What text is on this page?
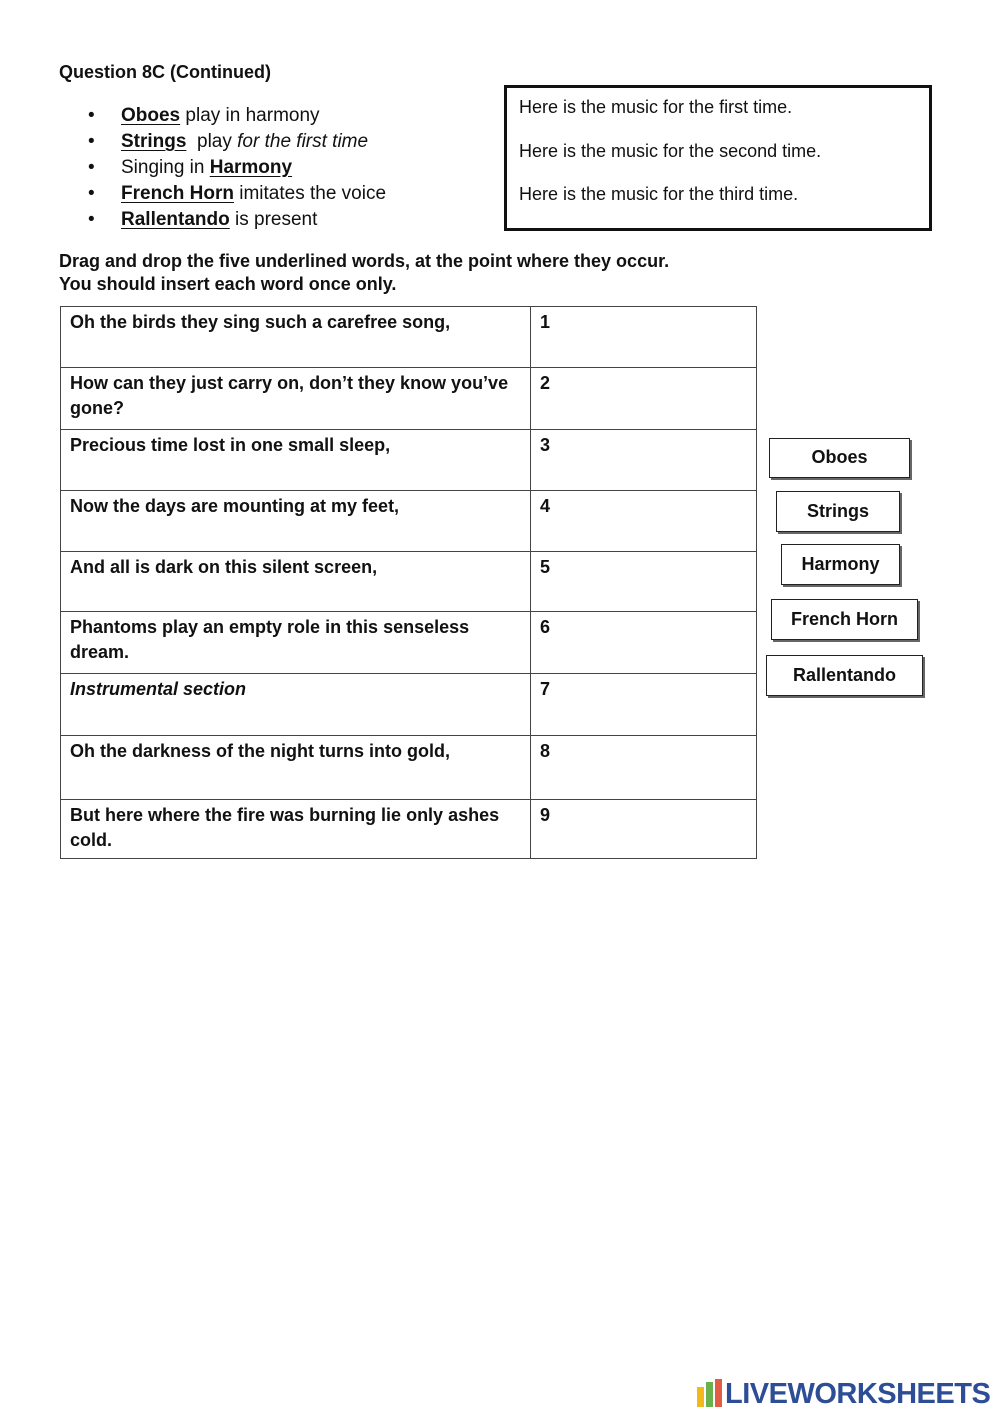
Question 8C (Continued)
• Oboes play in harmony
• Strings  play for the first time
• Singing in Harmony
• French Horn imitates the voice
• Rallentando is present
Here is the music for the first time.
Here is the music for the second time.
Here is the music for the third time.
Drag and drop the five underlined words, at the point where they occur.
You should insert each word once only.
Oh the birds they sing such a carefree song,	1
How can they just carry on, don’t they know you’ve gone?	2
Precious time lost in one small sleep,	3
Now the days are mounting at my feet,	4
And all is dark on this silent screen,	5
Phantoms play an empty role in this senseless dream.	6
Instrumental section	7
Oh the darkness of the night turns into gold,	8
But here where the fire was burning lie only ashes cold.	9
Oboes
Strings
Harmony
French Horn
Rallentando
LIVEWORKSHEETS
